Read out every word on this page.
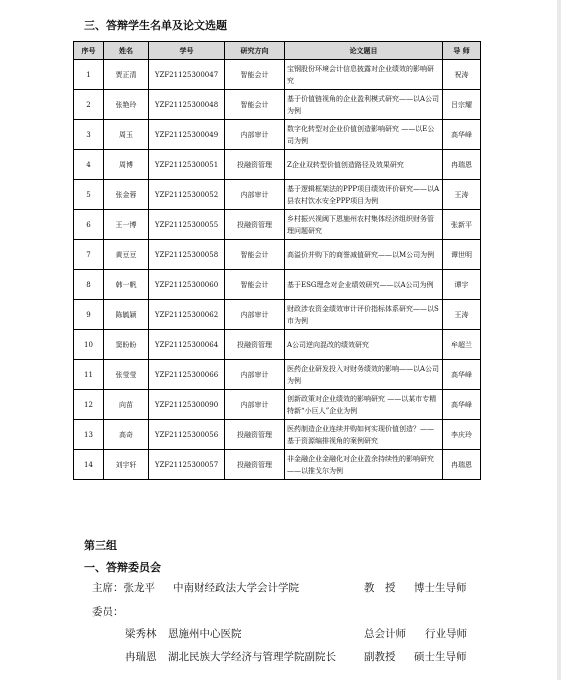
三、答辩学生名单及论文选题
序号	姓名	学号	研究方向	论文题目	导 师
1	贾正清	YZF21125300047	智能会计	宝钢股份环境会计信息披露对企业绩效的影响研究	祝涛
2	张艳玲	YZF21125300048	智能会计	基于价值链视角的企业盈利模式研究——以A公司为例	吕宗耀
3	周玉	YZF21125300049	内部审计	数字化转型对企业价值创造影响研究 ——以E公司为例	高华峰
4	周博	YZF21125300051	投融资管理	Z企业双转型价值创造路径及效果研究	冉瑞恩
5	张金蓉	YZF21125300052	内部审计	基于逻辑框架法的PPP项目绩效评价研究——以A县农村饮水安全PPP项目为例	王涛
6	王一博	YZF21125300055	投融资管理	乡村振兴视阈下恩施州农村集体经济组织财务管理问题研究	张新平
7	黄豆豆	YZF21125300058	智能会计	高溢价并购下的商誉减值研究——以M公司为例	谭世明
8	韩一帆	YZF21125300060	智能会计	基于ESG理念对企业绩效研究——以A公司为例	谭宇
9	陈毓颖	YZF21125300062	内部审计	财政涉农资金绩效审计评价指标体系研究——以S市为例	王涛
10	窦盼盼	YZF21125300064	投融资管理	A公司逆向混改的绩效研究	牟超兰
11	张莹莹	YZF21125300066	内部审计	医药企业研发投入对财务绩效的影响——以A公司为例	高华峰
12	向苗	YZF21125300090	内部审计	创新政策对企业绩效的影响研究 ——以某市专精特新“小巨人”企业为例	高华峰
13	高奇	YZF21125300056	投融资管理	医药制造企业连续并购如何实现价值创造？——基于资源编排视角的案例研究	李庆玲
14	刘宇轩	YZF21125300057	投融资管理	非金融企业金融化对企业盈余持续性的影响研究——以推戈尔为例	冉瑞恩
第三组
一、答辩委员会
主席：张龙平 中南财经政法大学会计学院	教　授 博士生导师
委员：
梁秀林 恩施州中心医院	总会计师 行业导师
冉瑞恩 湖北民族大学经济与管理学院副院长	副教授 硕士生导师
